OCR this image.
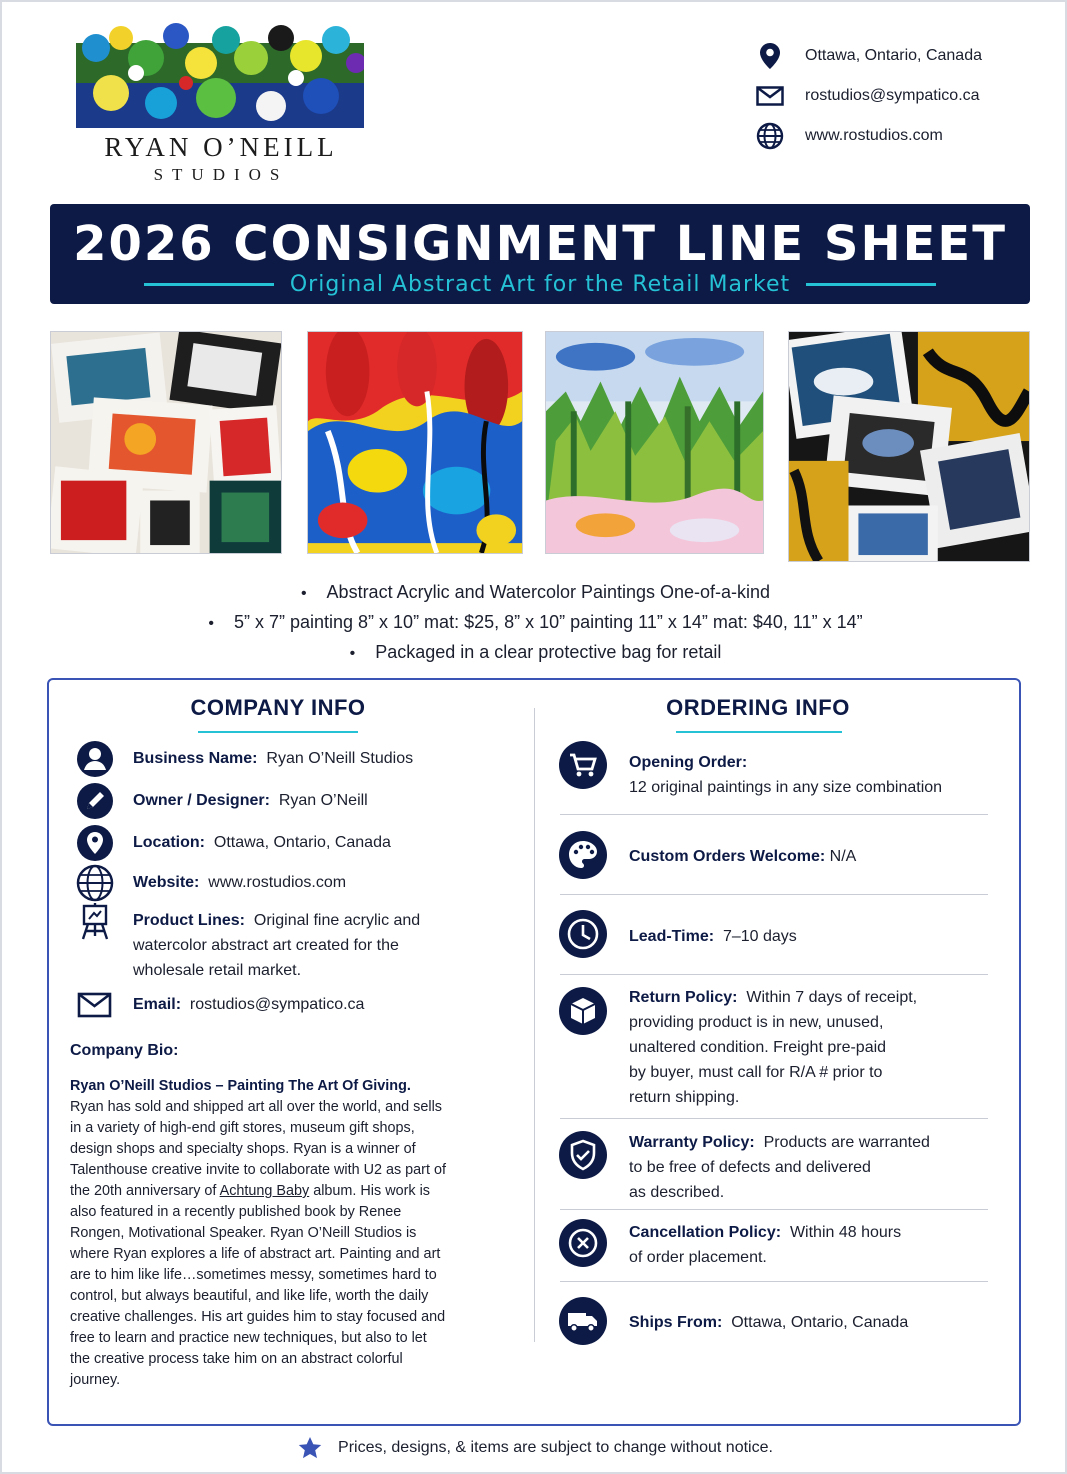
RYAN O’NEILL
STUDIOS
Ottawa, Ontario, Canada
rostudios@sympatico.ca
www.rostudios.com
2026 CONSIGNMENT LINE SHEET
Original Abstract Art for the Retail Market
• Abstract Acrylic and Watercolor Paintings One-of-a-kind
• 5” x 7” painting 8” x 10” mat: $25, 8” x 10” painting 11” x 14” mat: $40, 11” x 14”
• Packaged in a clear protective bag for retail
COMPANY INFO
Business Name: Ryan O’Neill Studios
Owner / Designer: Ryan O’Neill
Location: Ottawa, Ontario, Canada
Website: www.rostudios.com
Product Lines: Original fine acrylic and
watercolor abstract art created for the
wholesale retail market.
Email: rostudios@sympatico.ca
Company Bio:
Ryan O’Neill Studios – Painting The Art Of Giving.
Ryan has sold and shipped art all over the world, and sells in a variety of high-end gift stores, museum gift shops, design shops and specialty shops. Ryan is a winner of Talenthouse creative invite to collaborate with U2 as part of the 20th anniversary of Achtung Baby album. His work is also featured in a recently published book by Renee Rongen, Motivational Speaker. Ryan O’Neill Studios is where Ryan explores a life of abstract art. Painting and art are to him like life…sometimes messy, sometimes hard to control, but always beautiful, and like life, worth the daily creative challenges. His art guides him to stay focused and free to learn and practice new techniques, but also to let the creative process take him on an abstract colorful journey.
ORDERING INFO
Opening Order:
12 original paintings in any size combination
Custom Orders Welcome: N/A
Lead-Time: 7–10 days
Return Policy: Within 7 days of receipt,
providing product is in new, unused,
unaltered condition. Freight pre-paid
by buyer, must call for R/A # prior to
return shipping.
Warranty Policy: Products are warranted
to be free of defects and delivered
as described.
Cancellation Policy: Within 48 hours
of order placement.
Ships From: Ottawa, Ontario, Canada
Prices, designs, & items are subject to change without notice.
